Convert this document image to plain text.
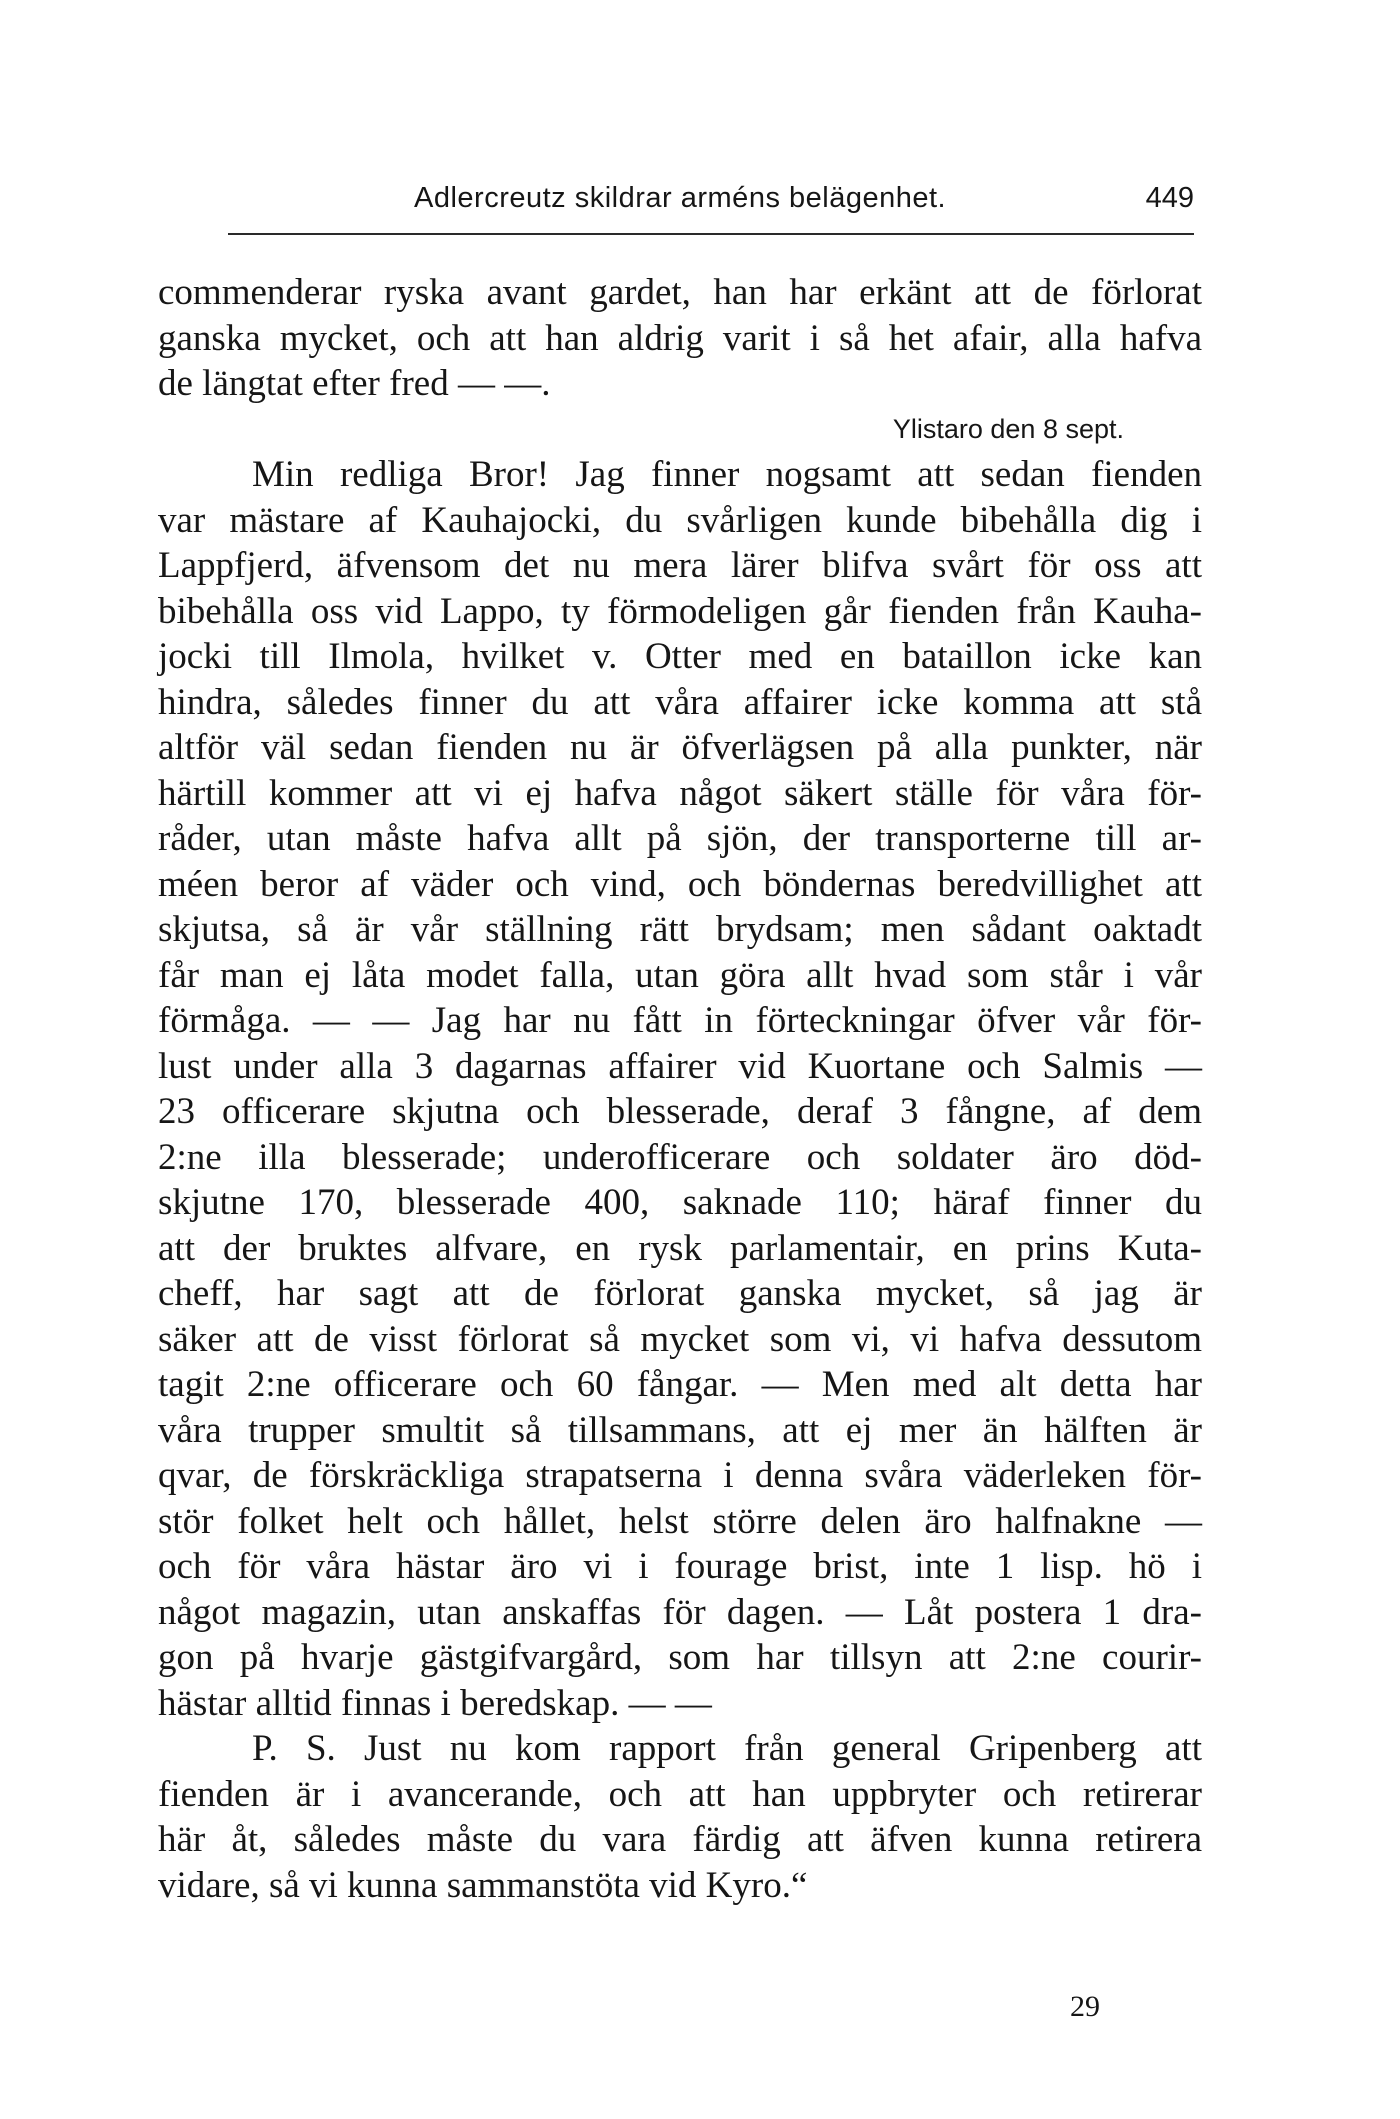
Adlercreutz skildrar arméns belägenhet.	449
commenderar ryska avant gardet, han har erkänt att de förlorat
ganska mycket, och att han aldrig varit i så het afair, alla hafva
de längtat efter fred — —.
Ylistaro den 8 sept.
Min redliga Bror! Jag finner nogsamt att sedan fienden
var mästare af Kauhajocki, du svårligen kunde bibehålla dig i
Lappfjerd, äfvensom det nu mera lärer blifva svårt för oss att
bibehålla oss vid Lappo, ty förmodeligen går fienden från Kauha-
jocki till Ilmola, hvilket v. Otter med en bataillon icke kan
hindra, således finner du att våra affairer icke komma att stå
altför väl sedan fienden nu är öfverlägsen på alla punkter, när
härtill kommer att vi ej hafva något säkert ställe för våra för-
råder, utan måste hafva allt på sjön, der transporterne till ar-
méen beror af väder och vind, och böndernas beredvillighet att
skjutsa, så är vår ställning rätt brydsam; men sådant oaktadt
får man ej låta modet falla, utan göra allt hvad som står i vår
förmåga. — — Jag har nu fått in förteckningar öfver vår för-
lust under alla 3 dagarnas affairer vid Kuortane och Salmis —
23 officerare skjutna och blesserade, deraf 3 fångne, af dem
2:ne illa blesserade; underofficerare och soldater äro död-
skjutne 170, blesserade 400, saknade 110; häraf finner du
att der bruktes alfvare, en rysk parlamentair, en prins Kuta-
cheff, har sagt att de förlorat ganska mycket, så jag är
säker att de visst förlorat så mycket som vi, vi hafva dessutom
tagit 2:ne officerare och 60 fångar. — Men med alt detta har
våra trupper smultit så tillsammans, att ej mer än hälften är
qvar, de förskräckliga strapatserna i denna svåra väderleken för-
stör folket helt och hållet, helst större delen äro halfnakne —
och för våra hästar äro vi i fourage brist, inte 1 lisp. hö i
något magazin, utan anskaffas för dagen. — Låt postera 1 dra-
gon på hvarje gästgifvargård, som har tillsyn att 2:ne courir-
hästar alltid finnas i beredskap. — —
P. S. Just nu kom rapport från general Gripenberg att
fienden är i avancerande, och att han uppbryter och retirerar
här åt, således måste du vara färdig att äfven kunna retirera
vidare, så vi kunna sammanstöta vid Kyro.“
29
